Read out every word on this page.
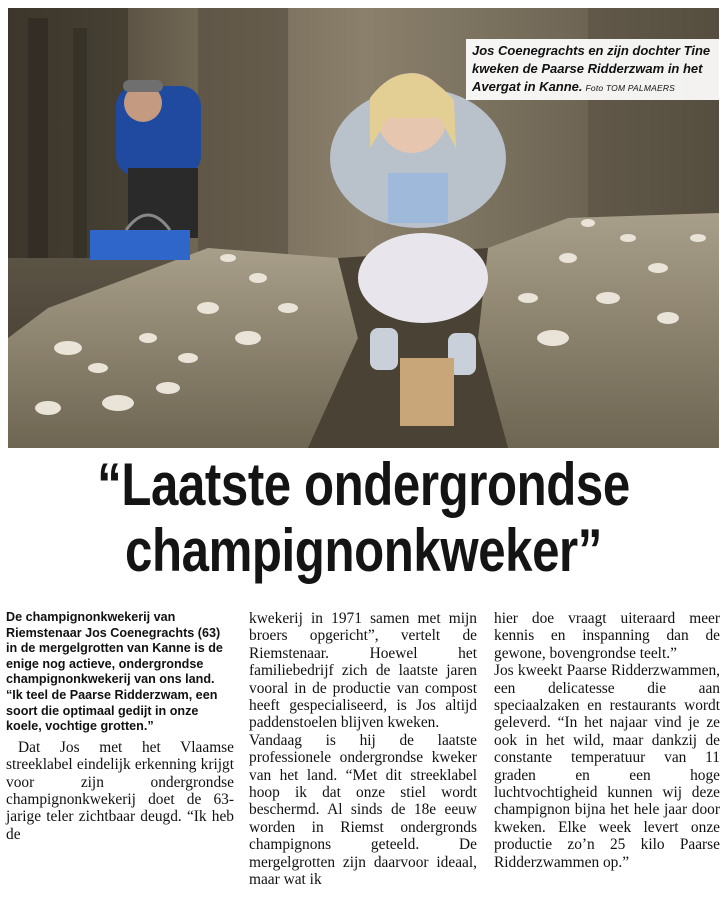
Jos Coenegrachts en zijn dochter Tine kweken de Paarse Ridderzwam in het Avergat in Kanne. Foto TOM PALMAERS
“Laatste ondergrondse
champignonkweker”

De champignonkwekerij van Riemstenaar Jos Coenegrachts (63) in de mergelgrotten van Kanne is de enige nog actieve, ondergrondse champignonkwekerij van ons land. “Ik teel de Paarse Ridderzwam, een soort die optimaal gedijt in onze koele, vochtige grotten.”

Dat Jos met het Vlaamse streeklabel eindelijk erkenning krijgt voor zijn ondergrondse champignonkwekerij doet de 63-jarige teler zichtbaar deugd. “Ik heb de

kwekerij in 1971 samen met mijn broers opgericht”, vertelt de Riemstenaar. Hoewel het familiebedrijf zich de laatste jaren vooral in de productie van compost heeft gespecialiseerd, is Jos altijd paddenstoelen blijven kweken.

Vandaag is hij de laatste professionele ondergrondse kweker van het land. “Met dit streeklabel hoop ik dat onze stiel wordt beschermd. Al sinds de 18e eeuw worden in Riemst ondergronds champignons geteeld. De mergelgrotten zijn daarvoor ideaal, maar wat ik

hier doe vraagt uiteraard meer kennis en inspanning dan de gewone, bovengrondse teelt.”

Jos kweekt Paarse Ridderzwammen, een delicatesse die aan speciaalzaken en restaurants wordt geleverd. “In het najaar vind je ze ook in het wild, maar dankzij de constante temperatuur van 11 graden en een hoge luchtvochtigheid kunnen wij deze champignon bijna het hele jaar door kweken. Elke week levert onze productie zo’n 25 kilo Paarse Ridderzwammen op.”
